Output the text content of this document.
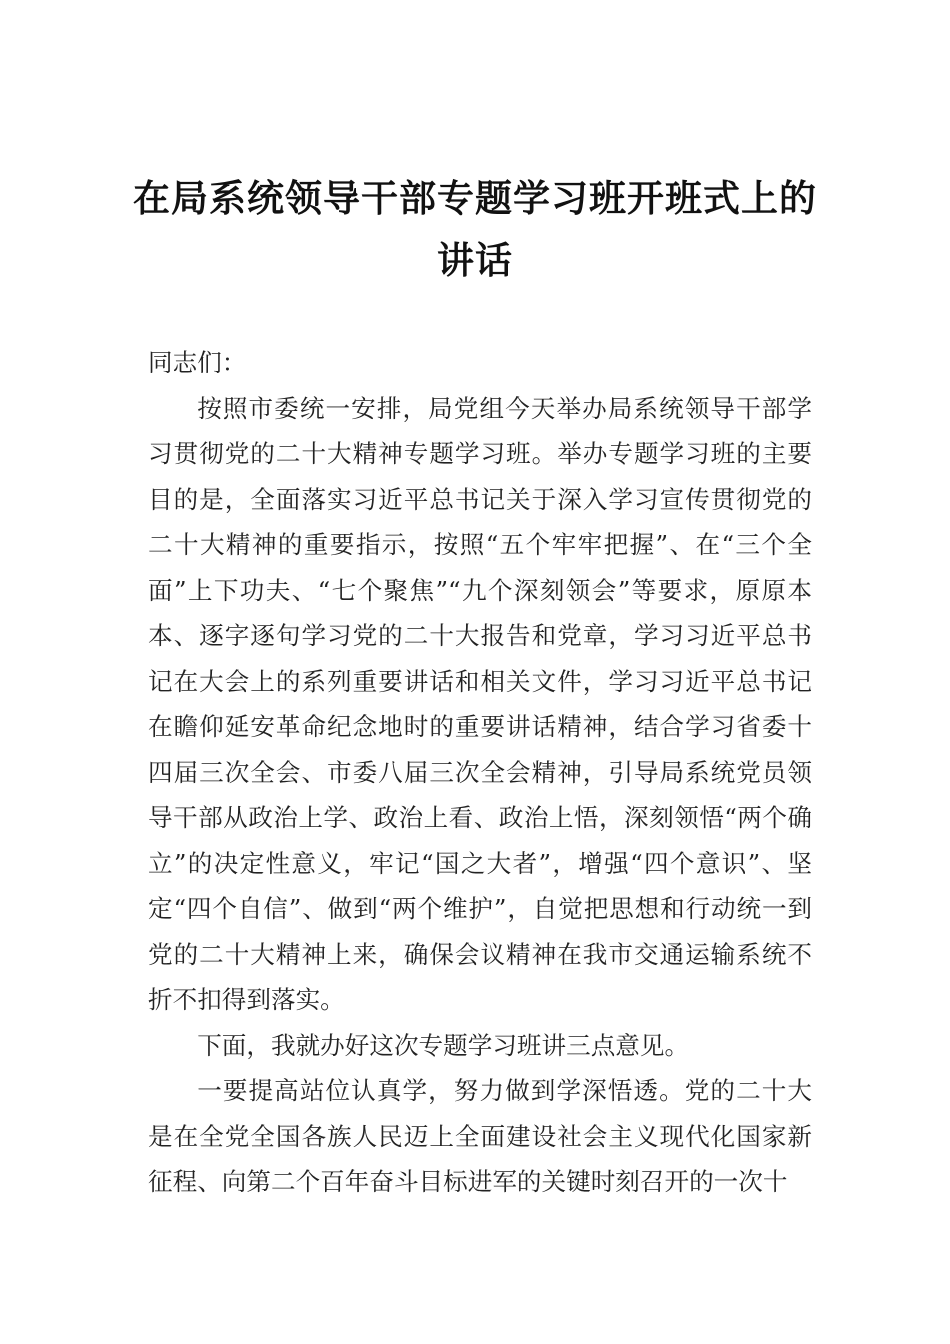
在局系统领导干部专题学习班开班式上的
讲话

同志们：

按照市委统一安排，局党组今天举办局系统领导干部学习贯彻党的二十大精神专题学习班。举办专题学习班的主要目的是，全面落实习近平总书记关于深入学习宣传贯彻党的二十大精神的重要指示，按照“五个牢牢把握”、在“三个全面”上下功夫、“七个聚焦”“九个深刻领会”等要求，原原本本、逐字逐句学习党的二十大报告和党章，学习习近平总书记在大会上的系列重要讲话和相关文件，学习习近平总书记在瞻仰延安革命纪念地时的重要讲话精神，结合学习省委十四届三次全会、市委八届三次全会精神，引导局系统党员领导干部从政治上学、政治上看、政治上悟，深刻领悟“两个确立”的决定性意义，牢记“国之大者”，增强“四个意识”、坚定“四个自信”、做到“两个维护”，自觉把思想和行动统一到党的二十大精神上来，确保会议精神在我市交通运输系统不折不扣得到落实。

下面，我就办好这次专题学习班讲三点意见。

一要提高站位认真学，努力做到学深悟透。党的二十大是在全党全国各族人民迈上全面建设社会主义现代化国家新征程、向第二个百年奋斗目标进军的关键时刻召开的一次十
